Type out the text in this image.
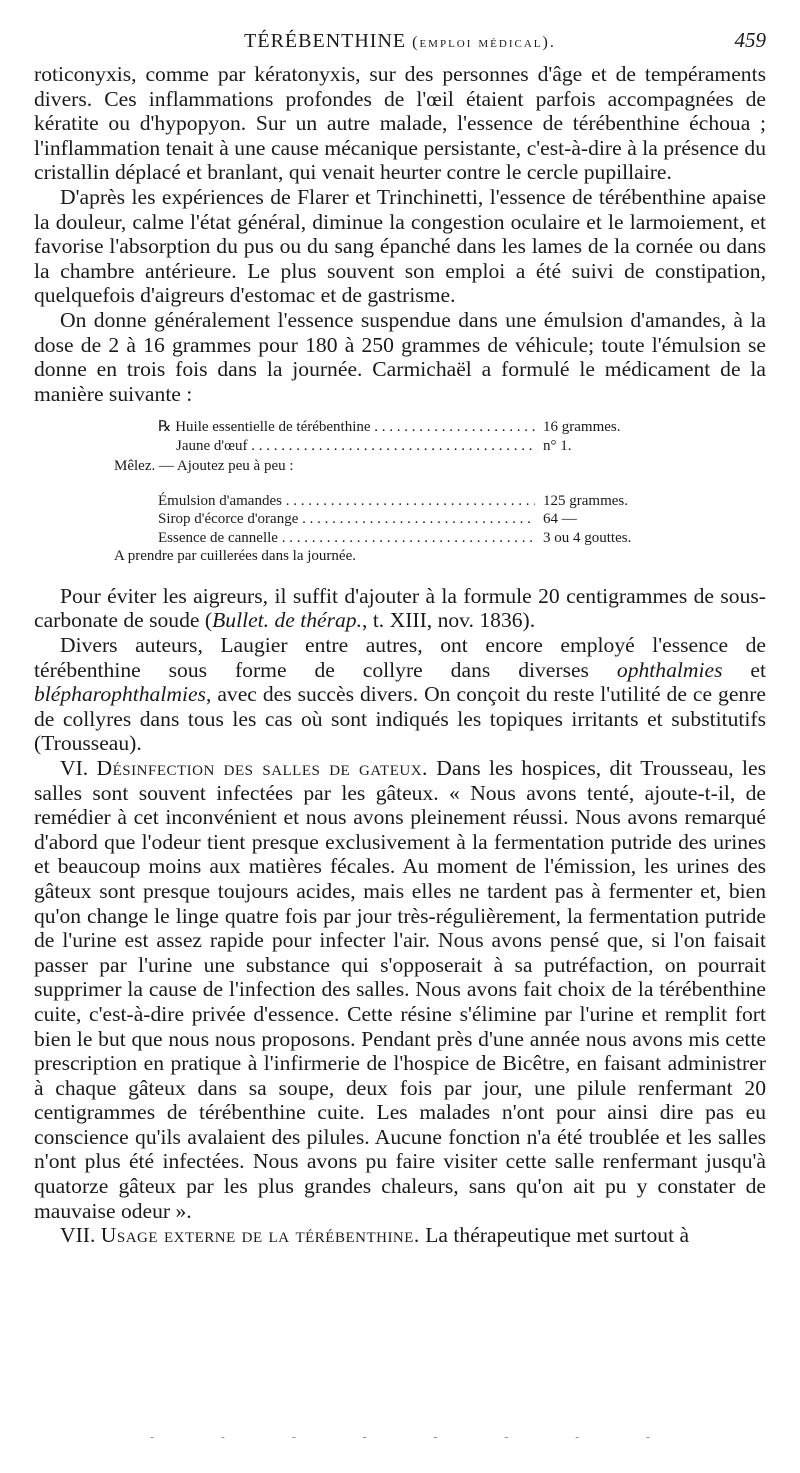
TÉRÉBENTHINE (emploi médical).	459

roticonyxis, comme par kératonyxis, sur des personnes d'âge et de tempéraments divers. Ces inflammations profondes de l'œil étaient parfois accompagnées de kératite ou d'hypopyon. Sur un autre malade, l'essence de térébenthine échoua ; l'inflammation tenait à une cause mécanique persistante, c'est-à-dire à la présence du cristallin déplacé et branlant, qui venait heurter contre le cercle pupillaire.

D'après les expériences de Flarer et Trinchinetti, l'essence de térébenthine apaise la douleur, calme l'état général, diminue la congestion oculaire et le larmoiement, et favorise l'absorption du pus ou du sang épanché dans les lames de la cornée ou dans la chambre antérieure. Le plus souvent son emploi a été suivi de constipation, quelquefois d'aigreurs d'estomac et de gastrisme.

On donne généralement l'essence suspendue dans une émulsion d'amandes, à la dose de 2 à 16 grammes pour 180 à 250 grammes de véhicule; toute l'émulsion se donne en trois fois dans la journée. Carmichaël a formulé le médicament de la manière suivante :

℞ Huile essentielle de térébenthine . . .	16 grammes.
Jaune d'œuf . . .	n° 1.
Mêlez. — Ajoutez peu à peu :
Émulsion d'amandes . . .	125 grammes.
Sirop d'écorce d'orange . . .	64 —
Essence de cannelle . . .	3 ou 4 gouttes.
A prendre par cuillerées dans la journée.

Pour éviter les aigreurs, il suffit d'ajouter à la formule 20 centigrammes de sous-carbonate de soude (Bullet. de thérap., t. XIII, nov. 1836).

Divers auteurs, Laugier entre autres, ont encore employé l'essence de térébenthine sous forme de collyre dans diverses ophthalmies et blépharophthalmies, avec des succès divers. On conçoit du reste l'utilité de ce genre de collyres dans tous les cas où sont indiqués les topiques irritants et substitutifs (Trousseau).

VI. Désinfection des salles de gateux. Dans les hospices, dit Trousseau, les salles sont souvent infectées par les gâteux. « Nous avons tenté, ajoute-t-il, de remédier à cet inconvénient et nous avons pleinement réussi. Nous avons remarqué d'abord que l'odeur tient presque exclusivement à la fermentation putride des urines et beaucoup moins aux matières fécales. Au moment de l'émission, les urines des gâteux sont presque toujours acides, mais elles ne tardent pas à fermenter et, bien qu'on change le linge quatre fois par jour très-régulièrement, la fermentation putride de l'urine est assez rapide pour infecter l'air. Nous avons pensé que, si l'on faisait passer par l'urine une substance qui s'opposerait à sa putréfaction, on pourrait supprimer la cause de l'infection des salles. Nous avons fait choix de la térébenthine cuite, c'est-à-dire privée d'essence. Cette résine s'élimine par l'urine et remplit fort bien le but que nous nous proposons. Pendant près d'une année nous avons mis cette prescription en pratique à l'infirmerie de l'hospice de Bicêtre, en faisant administrer à chaque gâteux dans sa soupe, deux fois par jour, une pilule renfermant 20 centigrammes de térébenthine cuite. Les malades n'ont pour ainsi dire pas eu conscience qu'ils avalaient des pilules. Aucune fonction n'a été troublée et les salles n'ont plus été infectées. Nous avons pu faire visiter cette salle renfermant jusqu'à quatorze gâteux par les plus grandes chaleurs, sans qu'on ait pu y constater de mauvaise odeur ».

VII. Usage externe de la térébenthine. La thérapeutique met surtout à

-	-	-	-	-	-	-	-
